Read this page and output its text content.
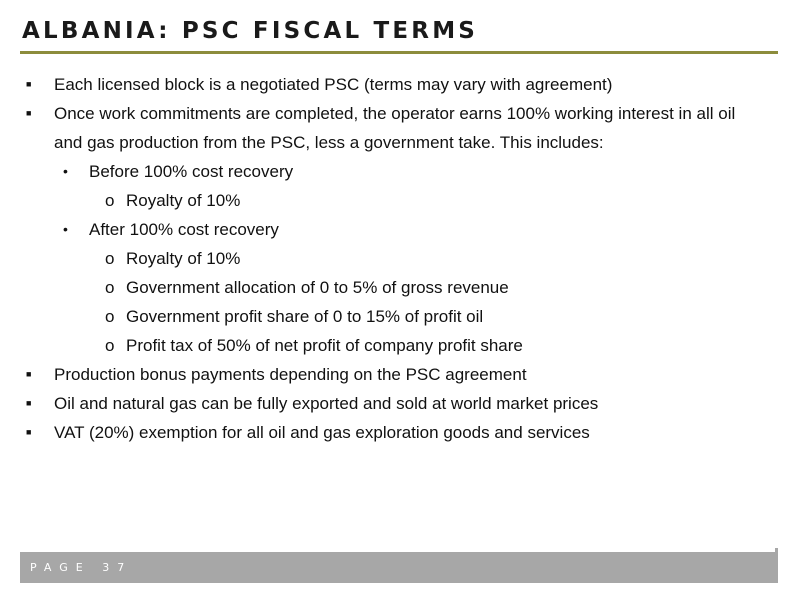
ALBANIA: PSC FISCAL TERMS
■ Each licensed block is a negotiated PSC (terms may vary with agreement)
■ Once work commitments are completed, the operator earns 100% working interest in all oil and gas production from the PSC, less a government take. This includes:
• Before 100% cost recovery
o Royalty of 10%
• After 100% cost recovery
o Royalty of 10%
o Government allocation of 0 to 5% of gross revenue
o Government profit share of 0 to 15% of profit oil
o Profit tax of 50% of net profit of company profit share
■ Production bonus payments depending on the PSC agreement
■ Oil and natural gas can be fully exported and sold at world market prices
■ VAT (20%) exemption for all oil and gas exploration goods and services
PAGE 37
